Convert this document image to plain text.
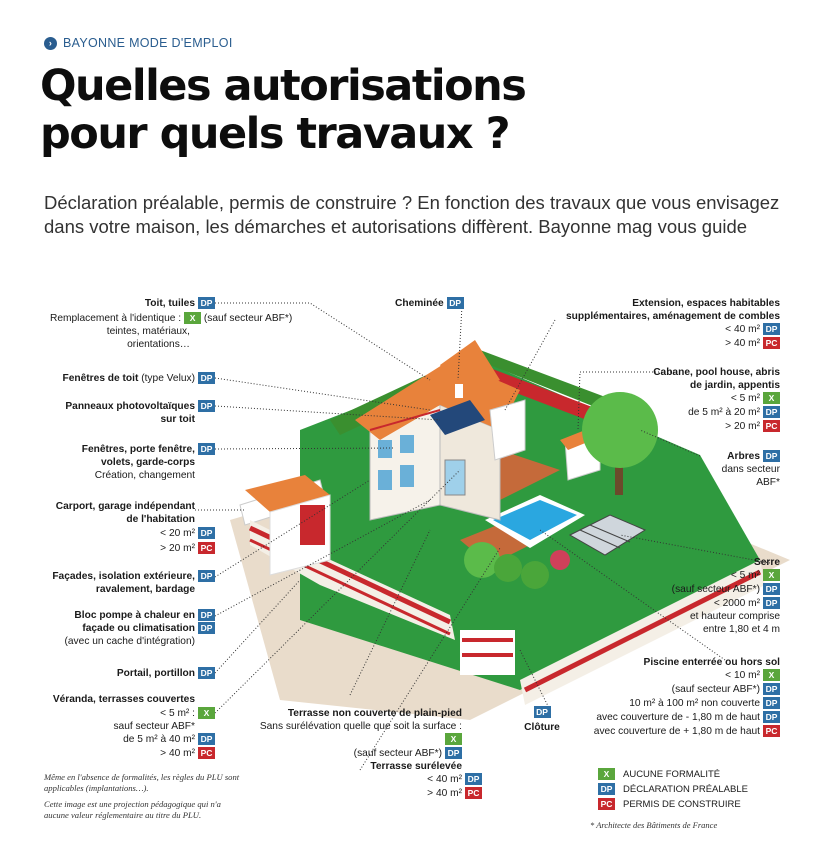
› BAYONNE MODE D'EMPLOI
Quelles autorisations
pour quels travaux ?
Déclaration préalable, permis de construire ? En fonction des travaux que vous envisagez dans votre maison, les démarches et autorisations diffèrent. Bayonne mag vous guide
Toit, tuiles DP
Remplacement à l'identique : X (sauf secteur ABF*)
teintes, matériaux,
orientations…
Fenêtres de toit (type Velux) DP
Panneaux photovoltaïques DP
sur toit
Fenêtres, porte fenêtre, DP
volets, garde-corps
Création, changement
Carport, garage indépendant
de l'habitation
< 20 m² DP
> 20 m² PC
Façades, isolation extérieure, DP
ravalement, bardage
Bloc pompe à chaleur en DP
façade ou climatisation DP
(avec un cache d'intégration)
Portail, portillon DP
Véranda, terrasses couvertes
< 5 m² : X
sauf secteur ABF*
de 5 m² à 40 m² DP
> 40 m² PC
Même en l'absence de formalités, les règles du PLU sont applicables (implantations…).
Cette image est une projection pédagogique qui n'a aucune valeur réglementaire au titre du PLU.
Cheminée DP
Terrasse non couverte de plain-pied
Sans surélévation quelle que soit la surface :X
(sauf secteur ABF*) DP
Terrasse surélevée
< 40 m² DP
> 40 m² PC
DP
Clôture
Extension, espaces habitables
supplémentaires, aménagement de combles
< 40 m² DP
> 40 m² PC
Cabane, pool house, abris
de jardin, appentis
< 5 m² X
de 5 m² à 20 m² DP
> 20 m² PC
Arbres DP
dans secteur
ABF*
Serre
< 5 m² X
(sauf secteur ABF*) DP
< 2000 m² DP
et hauteur comprise
entre 1,80 et 4 m
Piscine enterrée ou hors sol
< 10 m² X
(sauf secteur ABF*) DP
10 m² à 100 m² non couverte DP
avec couverture de - 1,80 m de haut DP
avec couverture de + 1,80 m de haut PC
X	AUCUNE FORMALITÉ
DP DÉCLARATION PRÉALABLE
PC PERMIS DE CONSTRUIRE
* Architecte des Bâtiments de France
